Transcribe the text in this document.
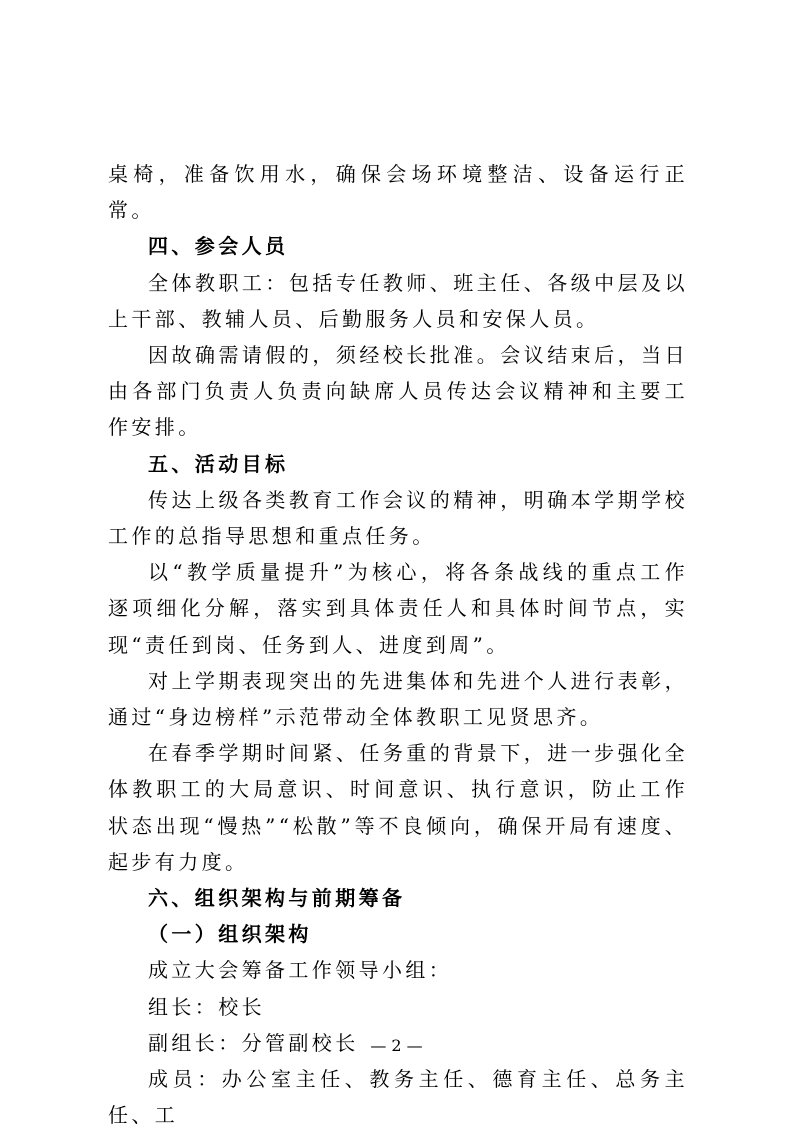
桌椅，准备饮用水，确保会场环境整洁、设备运行正常。

四、参会人员

全体教职工：包括专任教师、班主任、各级中层及以上干部、教辅人员、后勤服务人员和安保人员。

因故确需请假的，须经校长批准。会议结束后，当日由各部门负责人负责向缺席人员传达会议精神和主要工作安排。

五、活动目标

传达上级各类教育工作会议的精神，明确本学期学校工作的总指导思想和重点任务。

以“教学质量提升”为核心，将各条战线的重点工作逐项细化分解，落实到具体责任人和具体时间节点，实现“责任到岗、任务到人、进度到周”。

对上学期表现突出的先进集体和先进个人进行表彰，通过“身边榜样”示范带动全体教职工见贤思齐。

在春季学期时间紧、任务重的背景下，进一步强化全体教职工的大局意识、时间意识、执行意识，防止工作状态出现“慢热”“松散”等不良倾向，确保开局有速度、起步有力度。

六、组织架构与前期筹备

（一）组织架构

成立大会筹备工作领导小组：

组长：校长

副组长：分管副校长

成员：办公室主任、教务主任、德育主任、总务主任、工

— 2 —
